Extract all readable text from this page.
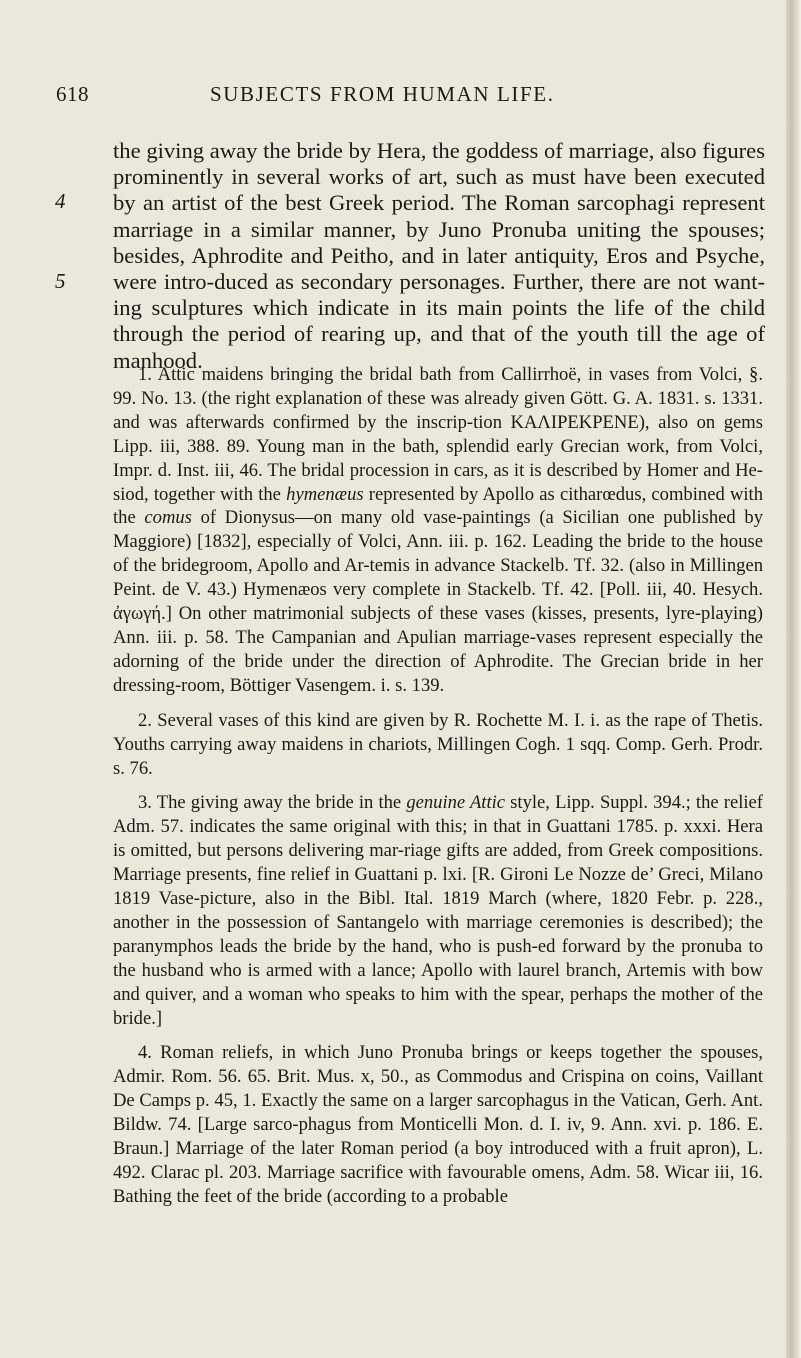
618	SUBJECTS FROM HUMAN LIFE.
4
5

the giving away the bride by Hera, the goddess of marriage, also figures prominently in several works of art, such as must have been executed by an artist of the best Greek period. The Roman sarcophagi represent marriage in a similar manner, by Juno Pronuba uniting the spouses; besides, Aphrodite and Peitho, and in later antiquity, Eros and Psyche, were intro-duced as secondary personages. Further, there are not want-ing sculptures which indicate in its main points the life of the child through the period of rearing up, and that of the youth till the age of manhood.

1. Attic maidens bringing the bridal bath from Callirrhoë, in vases from Volci, §. 99. No. 13. (the right explanation of these was already given Gött. G. A. 1831. s. 1331. and was afterwards confirmed by the inscrip-tion ΚΑΛΙΡΕΚΡΕΝΕ), also on gems Lipp. iii, 388. 89. Young man in the bath, splendid early Grecian work, from Volci, Impr. d. Inst. iii, 46. The bridal procession in cars, as it is described by Homer and He-siod, together with the hymenæus represented by Apollo as citharœdus, combined with the comus of Dionysus—on many old vase-paintings (a Sicilian one published by Maggiore) [1832], especially of Volci, Ann. iii. p. 162. Leading the bride to the house of the bridegroom, Apollo and Ar-temis in advance Stackelb. Tf. 32. (also in Millingen Peint. de V. 43.) Hymenæos very complete in Stackelb. Tf. 42. [Poll. iii, 40. Hesych. ἀγωγή.] On other matrimonial subjects of these vases (kisses, presents, lyre-playing) Ann. iii. p. 58. The Campanian and Apulian marriage-vases represent especially the adorning of the bride under the direction of Aphrodite. The Grecian bride in her dressing-room, Böttiger Vasengem. i. s. 139.

2. Several vases of this kind are given by R. Rochette M. I. i. as the rape of Thetis. Youths carrying away maidens in chariots, Millingen Cogh. 1 sqq. Comp. Gerh. Prodr. s. 76.

3. The giving away the bride in the genuine Attic style, Lipp. Suppl. 394.; the relief Adm. 57. indicates the same original with this; in that in Guattani 1785. p. xxxi. Hera is omitted, but persons delivering mar-riage gifts are added, from Greek compositions. Marriage presents, fine relief in Guattani p. lxi. [R. Gironi Le Nozze de’ Greci, Milano 1819 Vase-picture, also in the Bibl. Ital. 1819 March (where, 1820 Febr. p. 228., another in the possession of Santangelo with marriage ceremonies is described); the paranymphos leads the bride by the hand, who is push-ed forward by the pronuba to the husband who is armed with a lance; Apollo with laurel branch, Artemis with bow and quiver, and a woman who speaks to him with the spear, perhaps the mother of the bride.]

4. Roman reliefs, in which Juno Pronuba brings or keeps together the spouses, Admir. Rom. 56. 65. Brit. Mus. x, 50., as Commodus and Crispina on coins, Vaillant De Camps p. 45, 1. Exactly the same on a larger sarcophagus in the Vatican, Gerh. Ant. Bildw. 74. [Large sarco-phagus from Monticelli Mon. d. I. iv, 9. Ann. xvi. p. 186. E. Braun.] Marriage of the later Roman period (a boy introduced with a fruit apron), L. 492. Clarac pl. 203. Marriage sacrifice with favourable omens, Adm. 58. Wicar iii, 16. Bathing the feet of the bride (according to a probable
